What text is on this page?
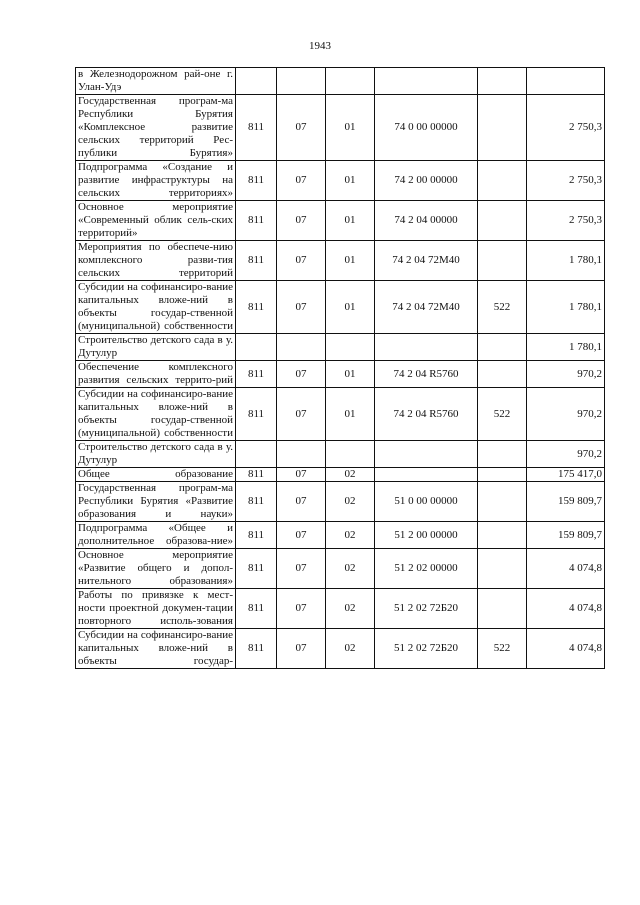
1943
в Железнодорожном рай-оне г. Улан-Удэ						
Государственная програм-ма Республики Бурятия «Комплексное развитие сельских территорий Рес-публики Бурятия»	811	07	01	74 0 00 00000		2 750,3
Подпрограмма «Создание и развитие инфраструктуры на сельских территориях»	811	07	01	74 2 00 00000		2 750,3
Основное мероприятие «Современный облик сель-ских территорий»	811	07	01	74 2 04 00000		2 750,3
Мероприятия по обеспече-нию комплексного разви-тия сельских территорий	811	07	01	74 2 04 72М40		1 780,1
Субсидии на софинансиро-вание капитальных вложе-ний в объекты государ-ственной (муниципальной) собственности	811	07	01	74 2 04 72М40	522	1 780,1
Строительство детского сада в у. Дутулур						1 780,1
Обеспечение комплексного развития сельских террито-рий	811	07	01	74 2 04 R5760		970,2
Субсидии на софинансиро-вание капитальных вложе-ний в объекты государ-ственной (муниципальной) собственности	811	07	01	74 2 04 R5760	522	970,2
Строительство детского сада в у. Дутулур						970,2
Общее образование	811	07	02			175 417,0
Государственная програм-ма Республики Бурятия «Развитие образования и науки»	811	07	02	51 0 00 00000		159 809,7
Подпрограмма «Общее и дополнительное образова-ние»	811	07	02	51 2 00 00000		159 809,7
Основное мероприятие «Развитие общего и допол-нительного образования»	811	07	02	51 2 02 00000		4 074,8
Работы по привязке к мест-ности проектной докумен-тации повторного исполь-зования	811	07	02	51 2 02 72Б20		4 074,8
Субсидии на софинансиро-вание капитальных вложе-ний в объекты государ-	811	07	02	51 2 02 72Б20	522	4 074,8
